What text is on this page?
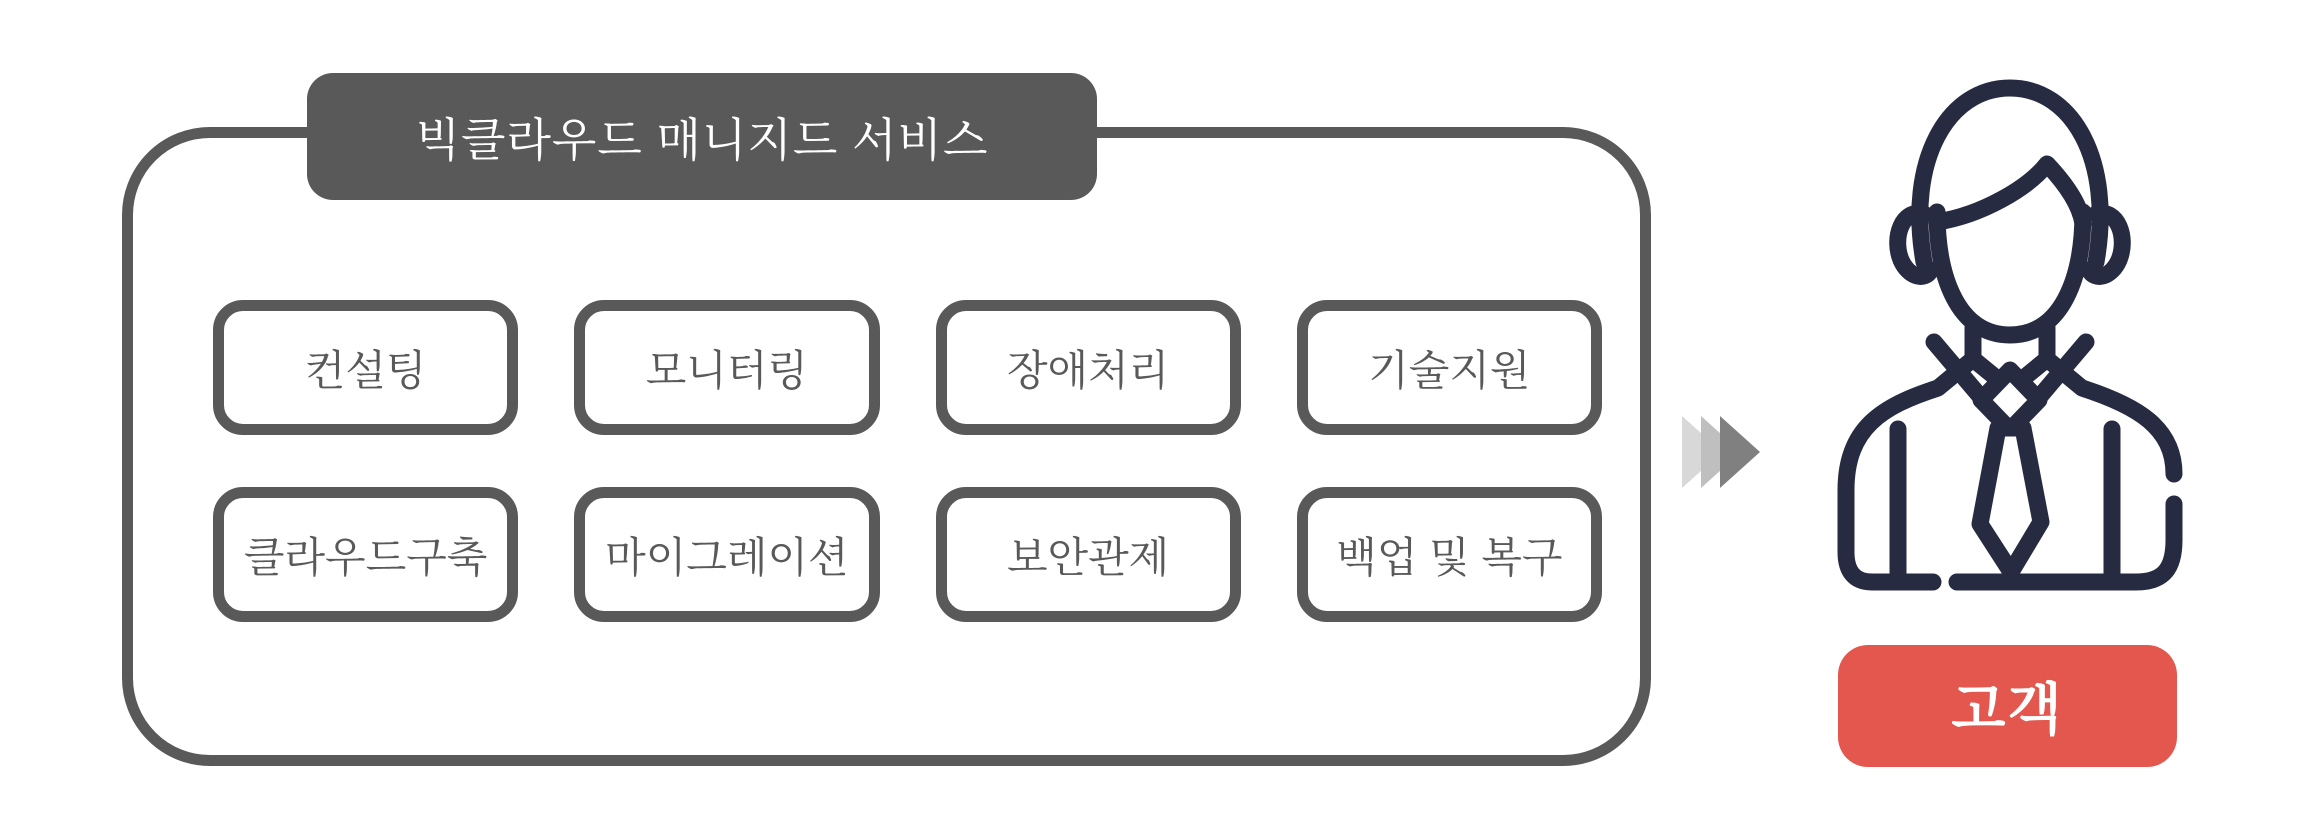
빅클라우드 매니지드 서비스
컨설팅	모니터링	장애처리	기술지원
클라우드구축	마이그레이션	보안관제	백업 및 복구
고객
